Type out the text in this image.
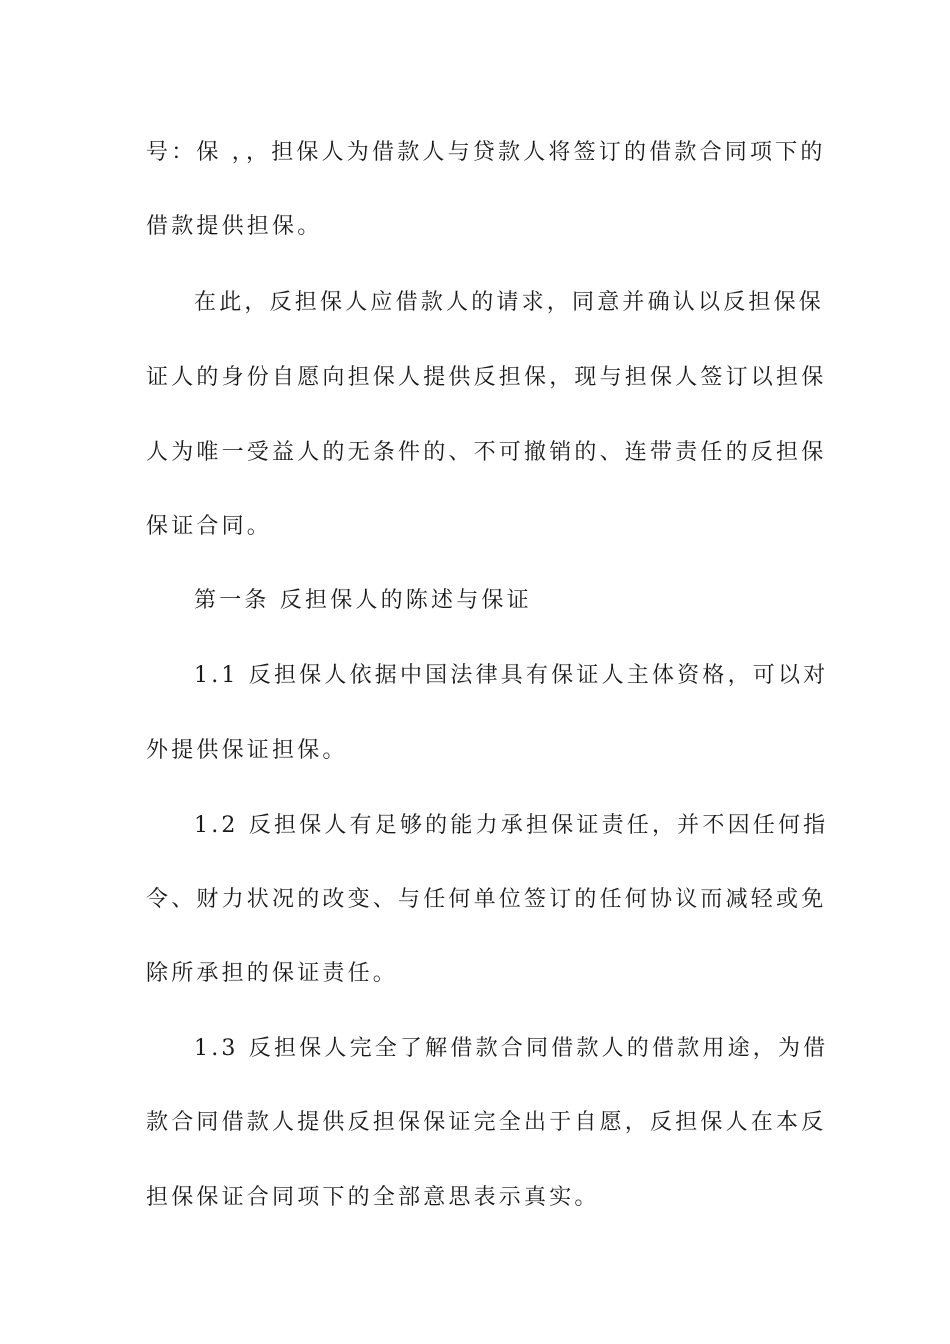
号：保 ，，担保人为借款人与贷款人将签订的借款合同项下的
借款提供担保。
在此，反担保人应借款人的请求，同意并确认以反担保保
证人的身份自愿向担保人提供反担保，现与担保人签订以担保
人为唯一受益人的无条件的、不可撤销的、连带责任的反担保
保证合同。
第一条 反担保人的陈述与保证
1.1 反担保人依据中国法律具有保证人主体资格，可以对
外提供保证担保。
1.2 反担保人有足够的能力承担保证责任，并不因任何指
令、财力状况的改变、与任何单位签订的任何协议而减轻或免
除所承担的保证责任。
1.3 反担保人完全了解借款合同借款人的借款用途，为借
款合同借款人提供反担保保证完全出于自愿，反担保人在本反
担保保证合同项下的全部意思表示真实。
